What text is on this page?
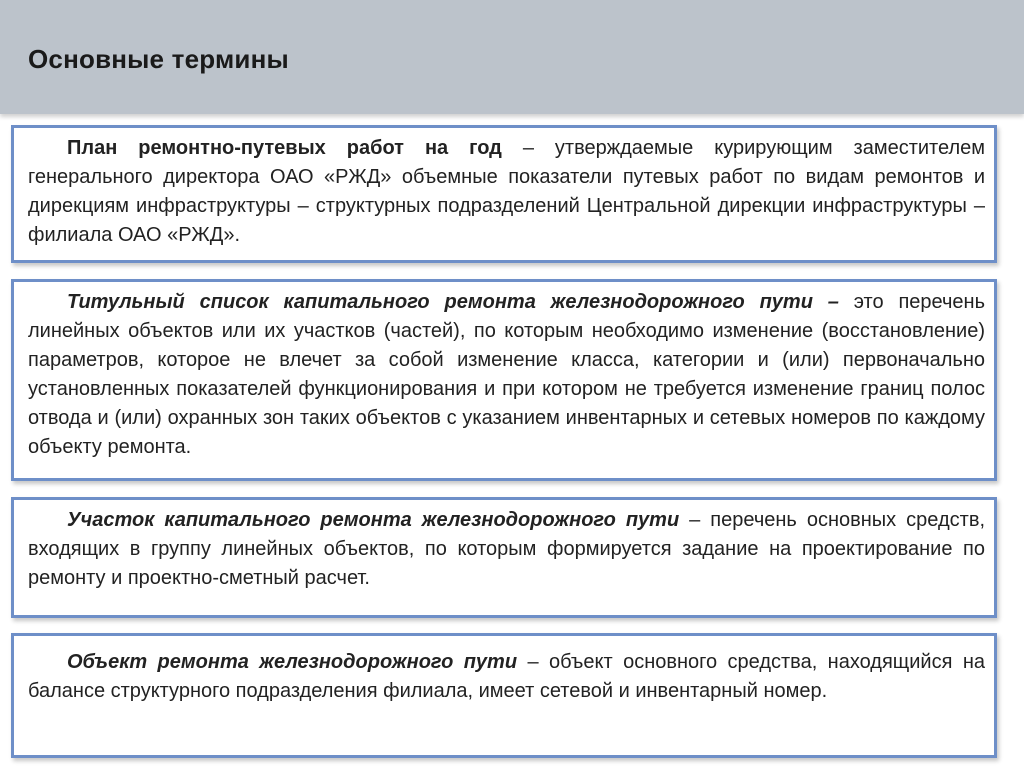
Основные термины
План ремонтно-путевых работ на год – утверждаемые курирующим заместителем генерального директора ОАО «РЖД» объемные показатели путевых работ по видам ремонтов и дирекциям инфраструктуры – структурных подразделений Центральной дирекции инфраструктуры – филиала ОАО «РЖД».
Титульный список капитального ремонта железнодорожного пути – это перечень линейных объектов или их участков (частей), по которым необходимо изменение (восстановление) параметров, которое не влечет за собой изменение класса, категории и (или) первоначально установленных показателей функционирования и при котором не требуется изменение границ полос отвода и (или) охранных зон таких объектов с указанием инвентарных и сетевых номеров по каждому объекту ремонта.
Участок капитального ремонта железнодорожного пути – перечень основных средств, входящих в группу линейных объектов, по которым формируется задание на проектирование по ремонту и проектно-сметный расчет.
Объект ремонта железнодорожного пути – объект основного средства, находящийся на балансе структурного подразделения филиала, имеет сетевой и инвентарный номер.
